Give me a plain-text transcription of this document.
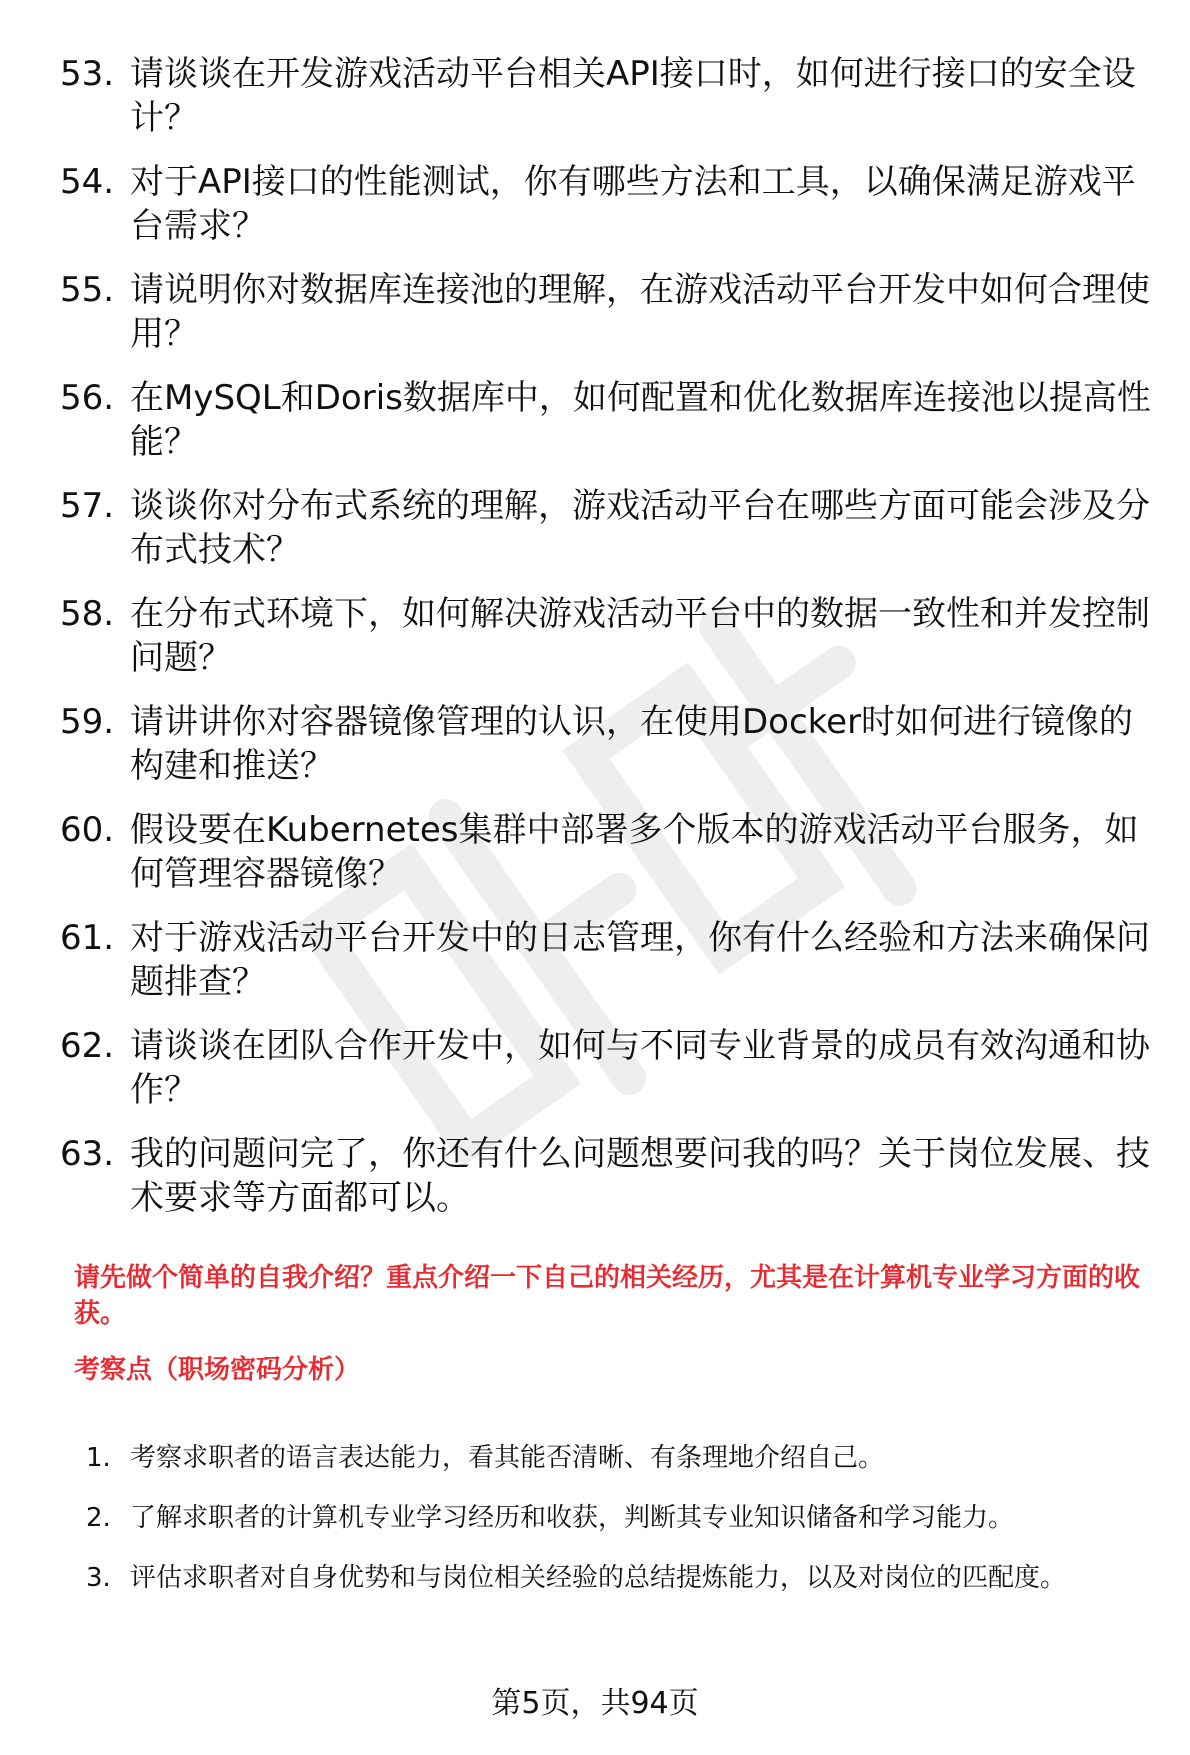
53. 请谈谈在开发游戏活动平台相关API接口时，如何进行接口的安全设计？
54. 对于API接口的性能测试，你有哪些方法和工具，以确保满足游戏平台需求？
55. 请说明你对数据库连接池的理解，在游戏活动平台开发中如何合理使用？
56. 在MySQL和Doris数据库中，如何配置和优化数据库连接池以提高性能？
57. 谈谈你对分布式系统的理解，游戏活动平台在哪些方面可能会涉及分布式技术？
58. 在分布式环境下，如何解决游戏活动平台中的数据一致性和并发控制问题？
59. 请讲讲你对容器镜像管理的认识，在使用Docker时如何进行镜像的构建和推送？
60. 假设要在Kubernetes集群中部署多个版本的游戏活动平台服务，如何管理容器镜像？
61. 对于游戏活动平台开发中的日志管理，你有什么经验和方法来确保问题排查？
62. 请谈谈在团队合作开发中，如何与不同专业背景的成员有效沟通和协作？
63. 我的问题问完了，你还有什么问题想要问我的吗？关于岗位发展、技术要求等方面都可以。
请先做个简单的自我介绍？重点介绍一下自己的相关经历，尤其是在计算机专业学习方面的收获。
考察点（职场密码分析）
1. 考察求职者的语言表达能力，看其能否清晰、有条理地介绍自己。
2. 了解求职者的计算机专业学习经历和收获，判断其专业知识储备和学习能力。
3. 评估求职者对自身优势和与岗位相关经验的总结提炼能力，以及对岗位的匹配度。
第5页，共94页
